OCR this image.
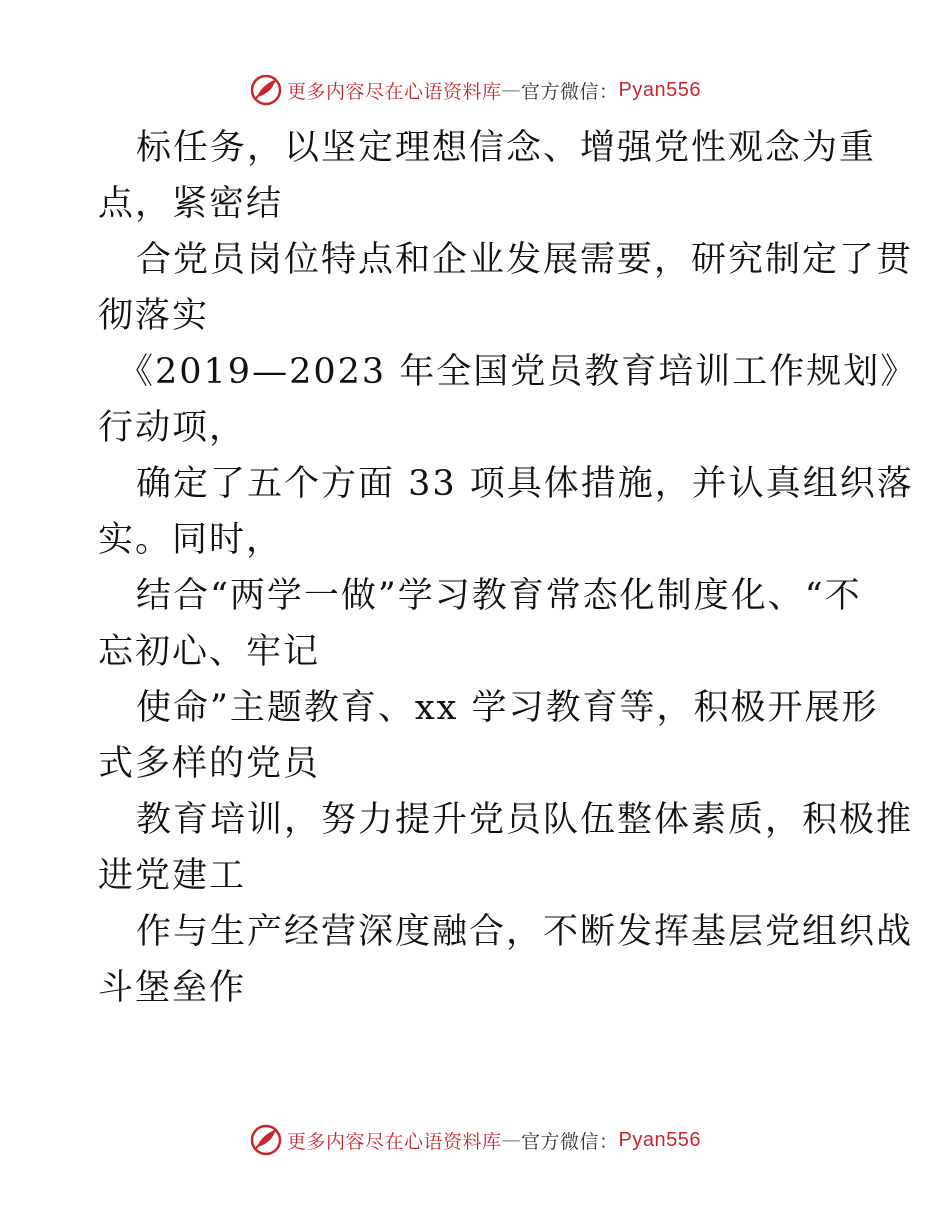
更多内容尽在心语资料库 — 官方微信： Pyan556
标任务，以坚定理想信念、增强党性观念为重
点，紧密结
合党员岗位特点和企业发展需要，研究制定了贯
彻落实
《2019—2023 年全国党员教育培训工作规划》
行动项，
确定了五个方面 33 项具体措施，并认真组织落
实。同时，
结合“两学一做”学习教育常态化制度化、“不
忘初心、牢记
使命”主题教育、xx 学习教育等，积极开展形
式多样的党员
教育培训，努力提升党员队伍整体素质，积极推
进党建工
作与生产经营深度融合，不断发挥基层党组织战
斗堡垒作
更多内容尽在心语资料库 — 官方微信： Pyan556
